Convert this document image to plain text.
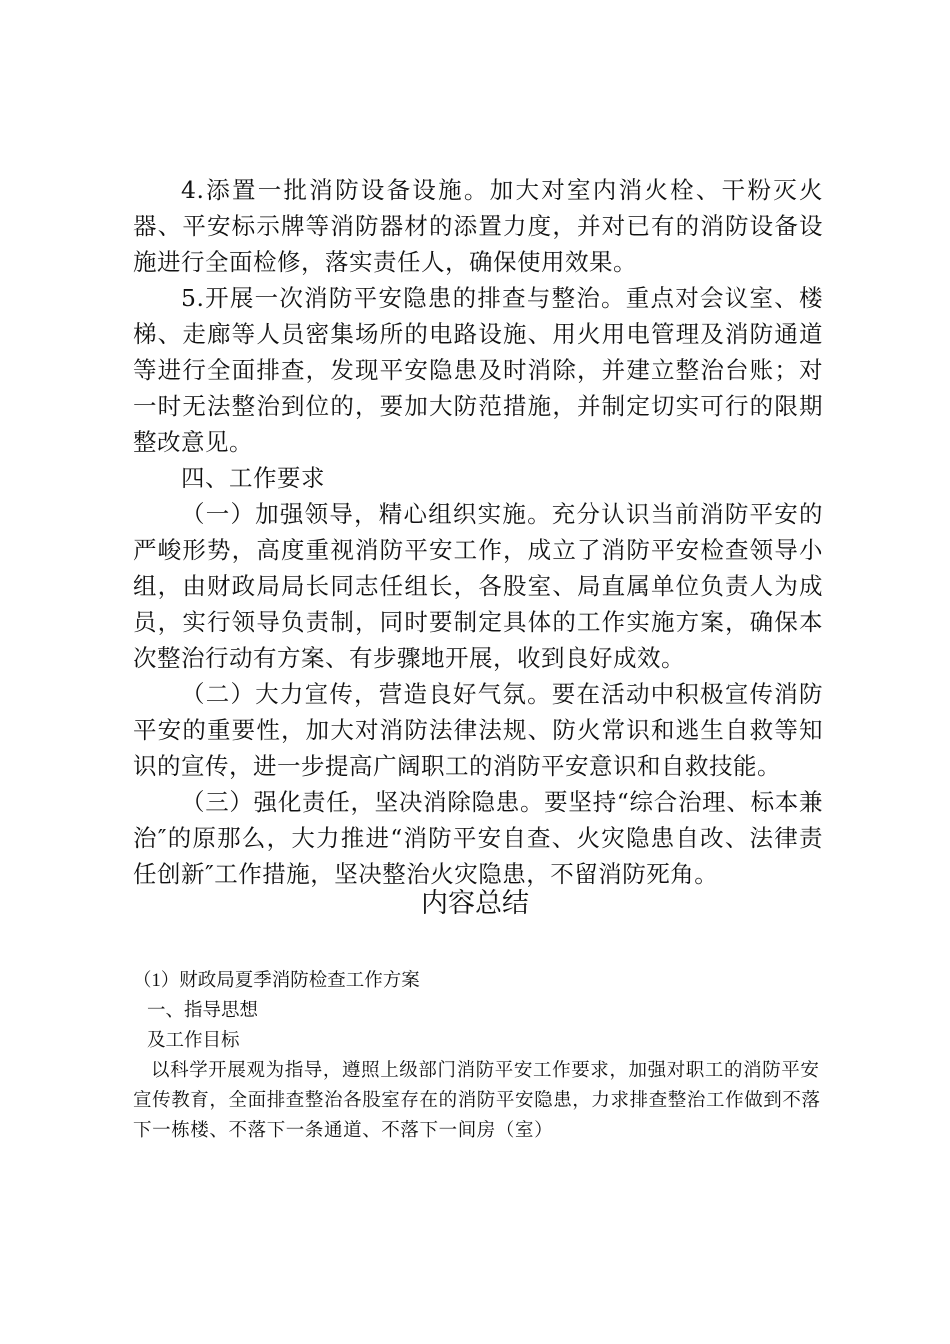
4.添置一批消防设备设施。加大对室内消火栓、干粉灭火器、平安标示牌等消防器材的添置力度，并对已有的消防设备设施进行全面检修，落实责任人，确保使用效果。

5.开展一次消防平安隐患的排查与整治。重点对会议室、楼梯、走廊等人员密集场所的电路设施、用火用电管理及消防通道等进行全面排查，发现平安隐患及时消除，并建立整治台账；对一时无法整治到位的，要加大防范措施，并制定切实可行的限期整改意见。

四、工作要求

（一）加强领导，精心组织实施。充分认识当前消防平安的严峻形势，高度重视消防平安工作，成立了消防平安检查领导小组，由财政局局长同志任组长，各股室、局直属单位负责人为成员，实行领导负责制，同时要制定具体的工作实施方案，确保本次整治行动有方案、有步骤地开展，收到良好成效。

（二）大力宣传，营造良好气氛。要在活动中积极宣传消防平安的重要性，加大对消防法律法规、防火常识和逃生自救等知识的宣传，进一步提高广阔职工的消防平安意识和自救技能。

（三）强化责任，坚决消除隐患。要坚持“综合治理、标本兼治″的原那么，大力推进“消防平安自查、火灾隐患自改、法律责任创新″工作措施，坚决整治火灾隐患，不留消防死角。

内容总结

（1）财政局夏季消防检查工作方案

一、指导思想

及工作目标

以科学开展观为指导，遵照上级部门消防平安工作要求，加强对职工的消防平安宣传教育，全面排查整治各股室存在的消防平安隐患，力求排查整治工作做到不落下一栋楼、不落下一条通道、不落下一间房（室）
